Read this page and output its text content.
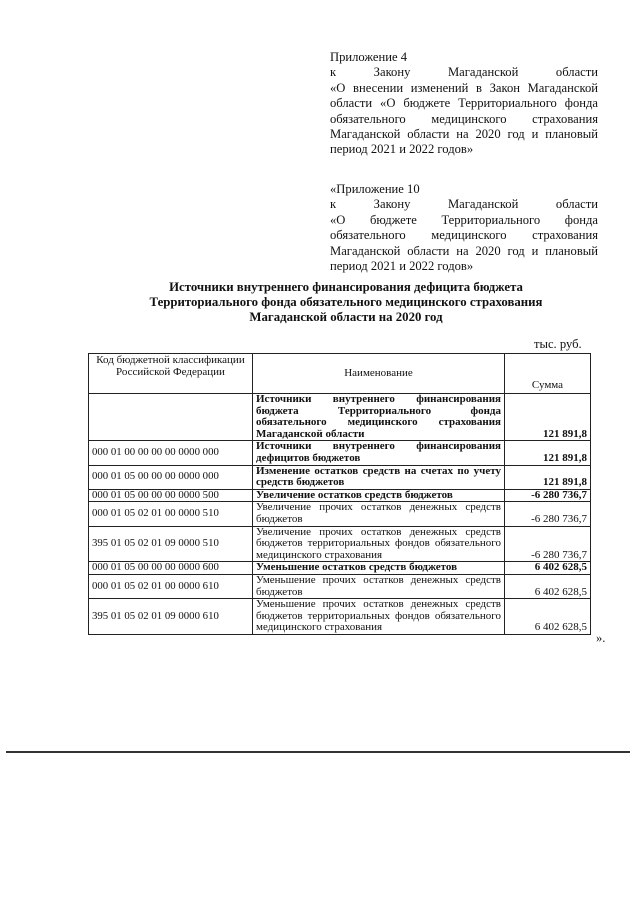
Приложение 4

к Закону Магаданской области

«О внесении изменений в Закон Магаданской области «О бюджете Территориального фонда обязательного медицинского страхования Магаданской области на 2020 год и плановый период 2021 и 2022 годов»

«Приложение 10

к Закону Магаданской области

«О бюджете Территориального фонда обязательного медицинского страхования Магаданской области на 2020 год и плановый период 2021 и 2022 годов»

Источники внутреннего финансирования дефицита бюджета
Территориального фонда обязательного медицинского страхования
Магаданской области на 2020 год
тыс. руб.
Код бюджетной классификации Российской Федерации	Наименование	Сумма
	Источники внутреннего финансирования бюджета Территориального фонда обязательного медицинского страхования Магаданской области	121 891,8
000 01 00 00 00 00 0000 000	Источники внутреннего финансирования дефицитов бюджетов	121 891,8
000 01 05 00 00 00 0000 000	Изменение остатков средств на счетах по учету средств бюджетов	121 891,8
000 01 05 00 00 00 0000 500	Увеличение остатков средств бюджетов	-6 280 736,7
000 01 05 02 01 00 0000 510	Увеличение прочих остатков денежных средств бюджетов	-6 280 736,7
395 01 05 02 01 09 0000 510	Увеличение прочих остатков денежных средств бюджетов территориальных фондов обязательного медицинского страхования	-6 280 736,7
000 01 05 00 00 00 0000 600	Уменьшение остатков средств бюджетов	6 402 628,5
000 01 05 02 01 00 0000 610	Уменьшение прочих остатков денежных средств бюджетов	6 402 628,5
395 01 05 02 01 09 0000 610	Уменьшение прочих остатков денежных средств бюджетов территориальных фондов обязательного медицинского страхования	6 402 628,5
».
